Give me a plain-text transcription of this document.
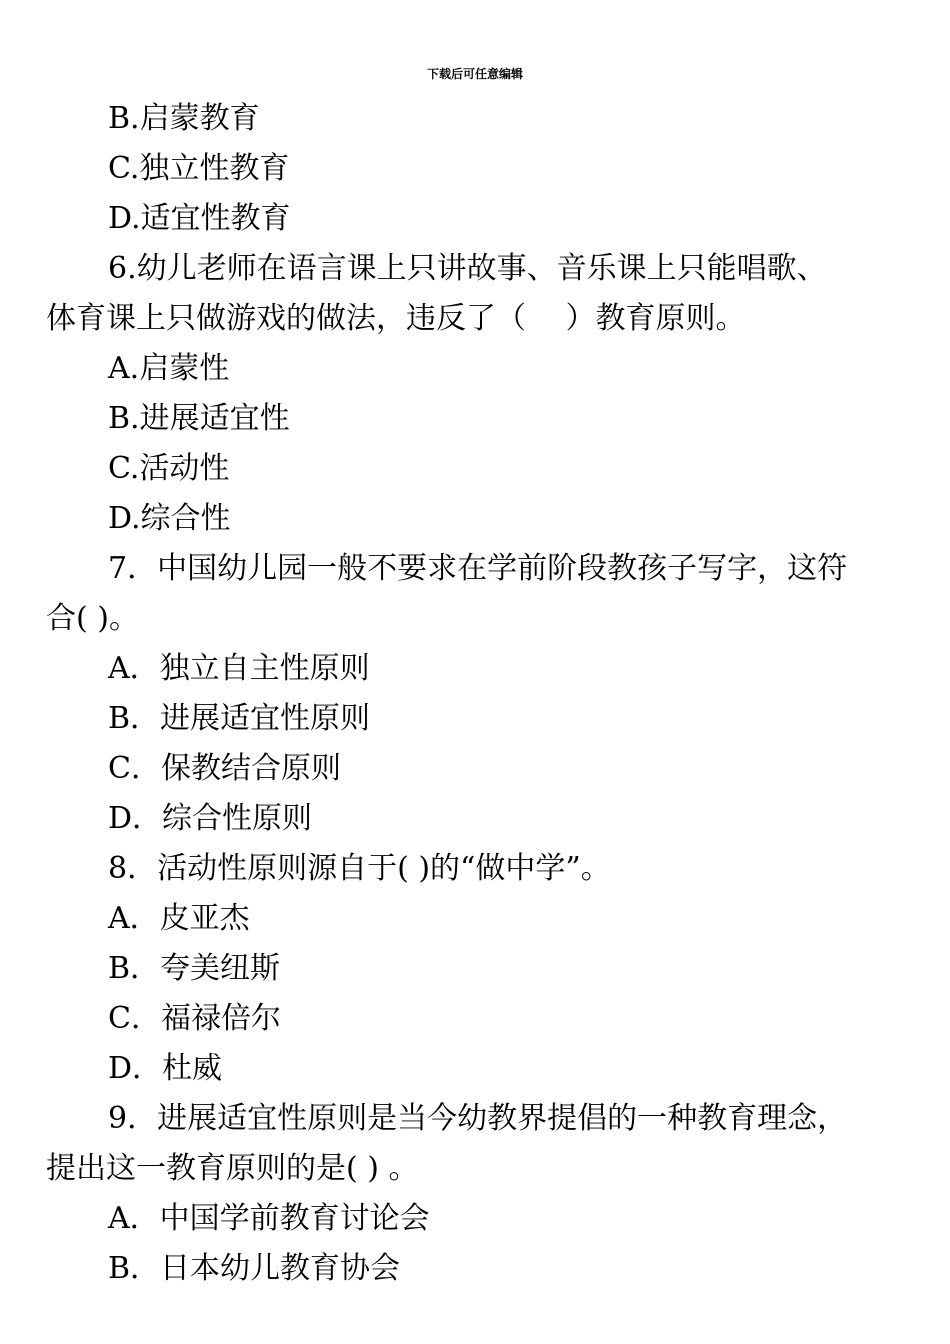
下载后可任意编辑
B.启蒙教育
C.独立性教育
D.适宜性教育
6.幼儿老师在语言课上只讲故事、音乐课上只能唱歌、
体育课上只做游戏的做法，违反了（　 ）教育原则。
A.启蒙性
B.进展适宜性
C.活动性
D.综合性
7．中国幼儿园一般不要求在学前阶段教孩子写字，这符
合( )。
A．独立自主性原则
B．进展适宜性原则
C．保教结合原则
D．综合性原则
8．活动性原则源自于( )的“做中学”。
A．皮亚杰
B．夸美纽斯
C．福禄倍尔
D．杜威
9．进展适宜性原则是当今幼教界提倡的一种教育理念，
提出这一教育原则的是( ) 。
A．中国学前教育讨论会
B．日本幼儿教育协会
